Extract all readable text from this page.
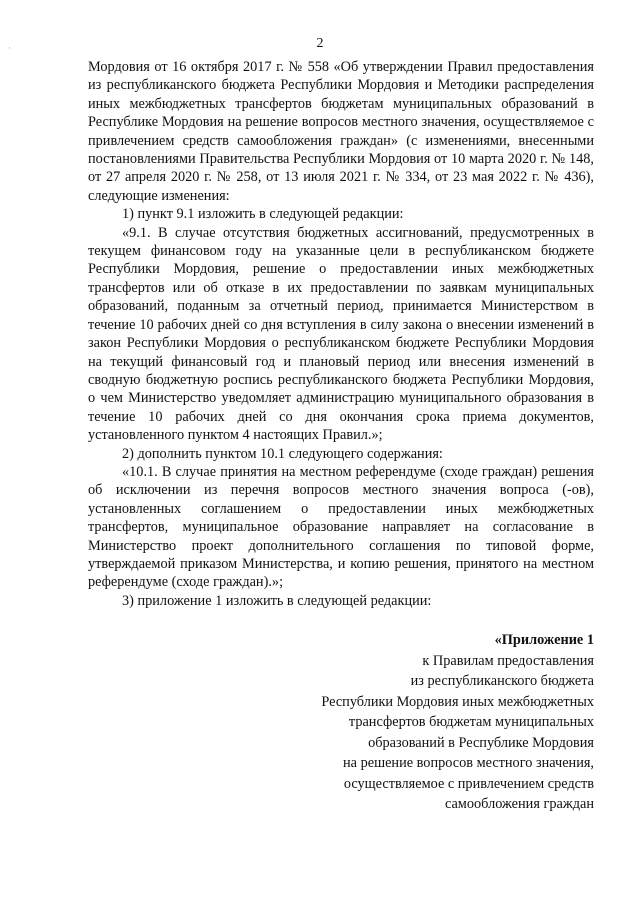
·	2

Мордовия от 16 октября 2017 г. № 558 «Об утверждении Правил предоставления из республиканского бюджета Республики Мордовия и Методики распределения иных межбюджетных трансфертов бюджетам муниципальных образований в Республике Мордовия на решение вопросов местного значения, осуществляемое с привлечением средств самообложения граждан» (с изменениями, внесенными постановлениями Правительства Республики Мордовия от 10 марта 2020 г. № 148, от 27 апреля 2020 г. № 258, от 13 июля 2021 г. № 334, от 23 мая 2022 г. № 436), следующие изменения:

1) пункт 9.1 изложить в следующей редакции:

«9.1. В случае отсутствия бюджетных ассигнований, предусмотренных в текущем финансовом году на указанные цели в республиканском бюджете Республики Мордовия, решение о предоставлении иных межбюджетных трансфертов или об отказе в их предоставлении по заявкам муниципальных образований, поданным за отчетный период, принимается Министерством в течение 10 рабочих дней со дня вступления в силу закона о внесении изменений в закон Республики Мордовия о республиканском бюджете Республики Мордовия на текущий финансовый год и плановый период или внесения изменений в сводную бюджетную роспись республиканского бюджета Республики Мордовия, о чем Министерство уведомляет администрацию муниципального образования в течение 10 рабочих дней со дня окончания срока приема документов, установленного пунктом 4 настоящих Правил.»;

2) дополнить пунктом 10.1 следующего содержания:

«10.1. В случае принятия на местном референдуме (сходе граждан) решения об исключении из перечня вопросов местного значения вопроса (-ов), установленных соглашением о предоставлении иных межбюджетных трансфертов, муниципальное образование направляет на согласование в Министерство проект дополнительного соглашения по типовой форме, утверждаемой приказом Министерства, и копию решения, принятого на местном референдуме (сходе граждан).»;

3) приложение 1 изложить в следующей редакции:

«Приложение 1
к Правилам предоставления
из республиканского бюджета
Республики Мордовия иных межбюджетных
трансфертов бюджетам муниципальных
образований в Республике Мордовия
на решение вопросов местного значения,
осуществляемое с привлечением средств
самообложения граждан
